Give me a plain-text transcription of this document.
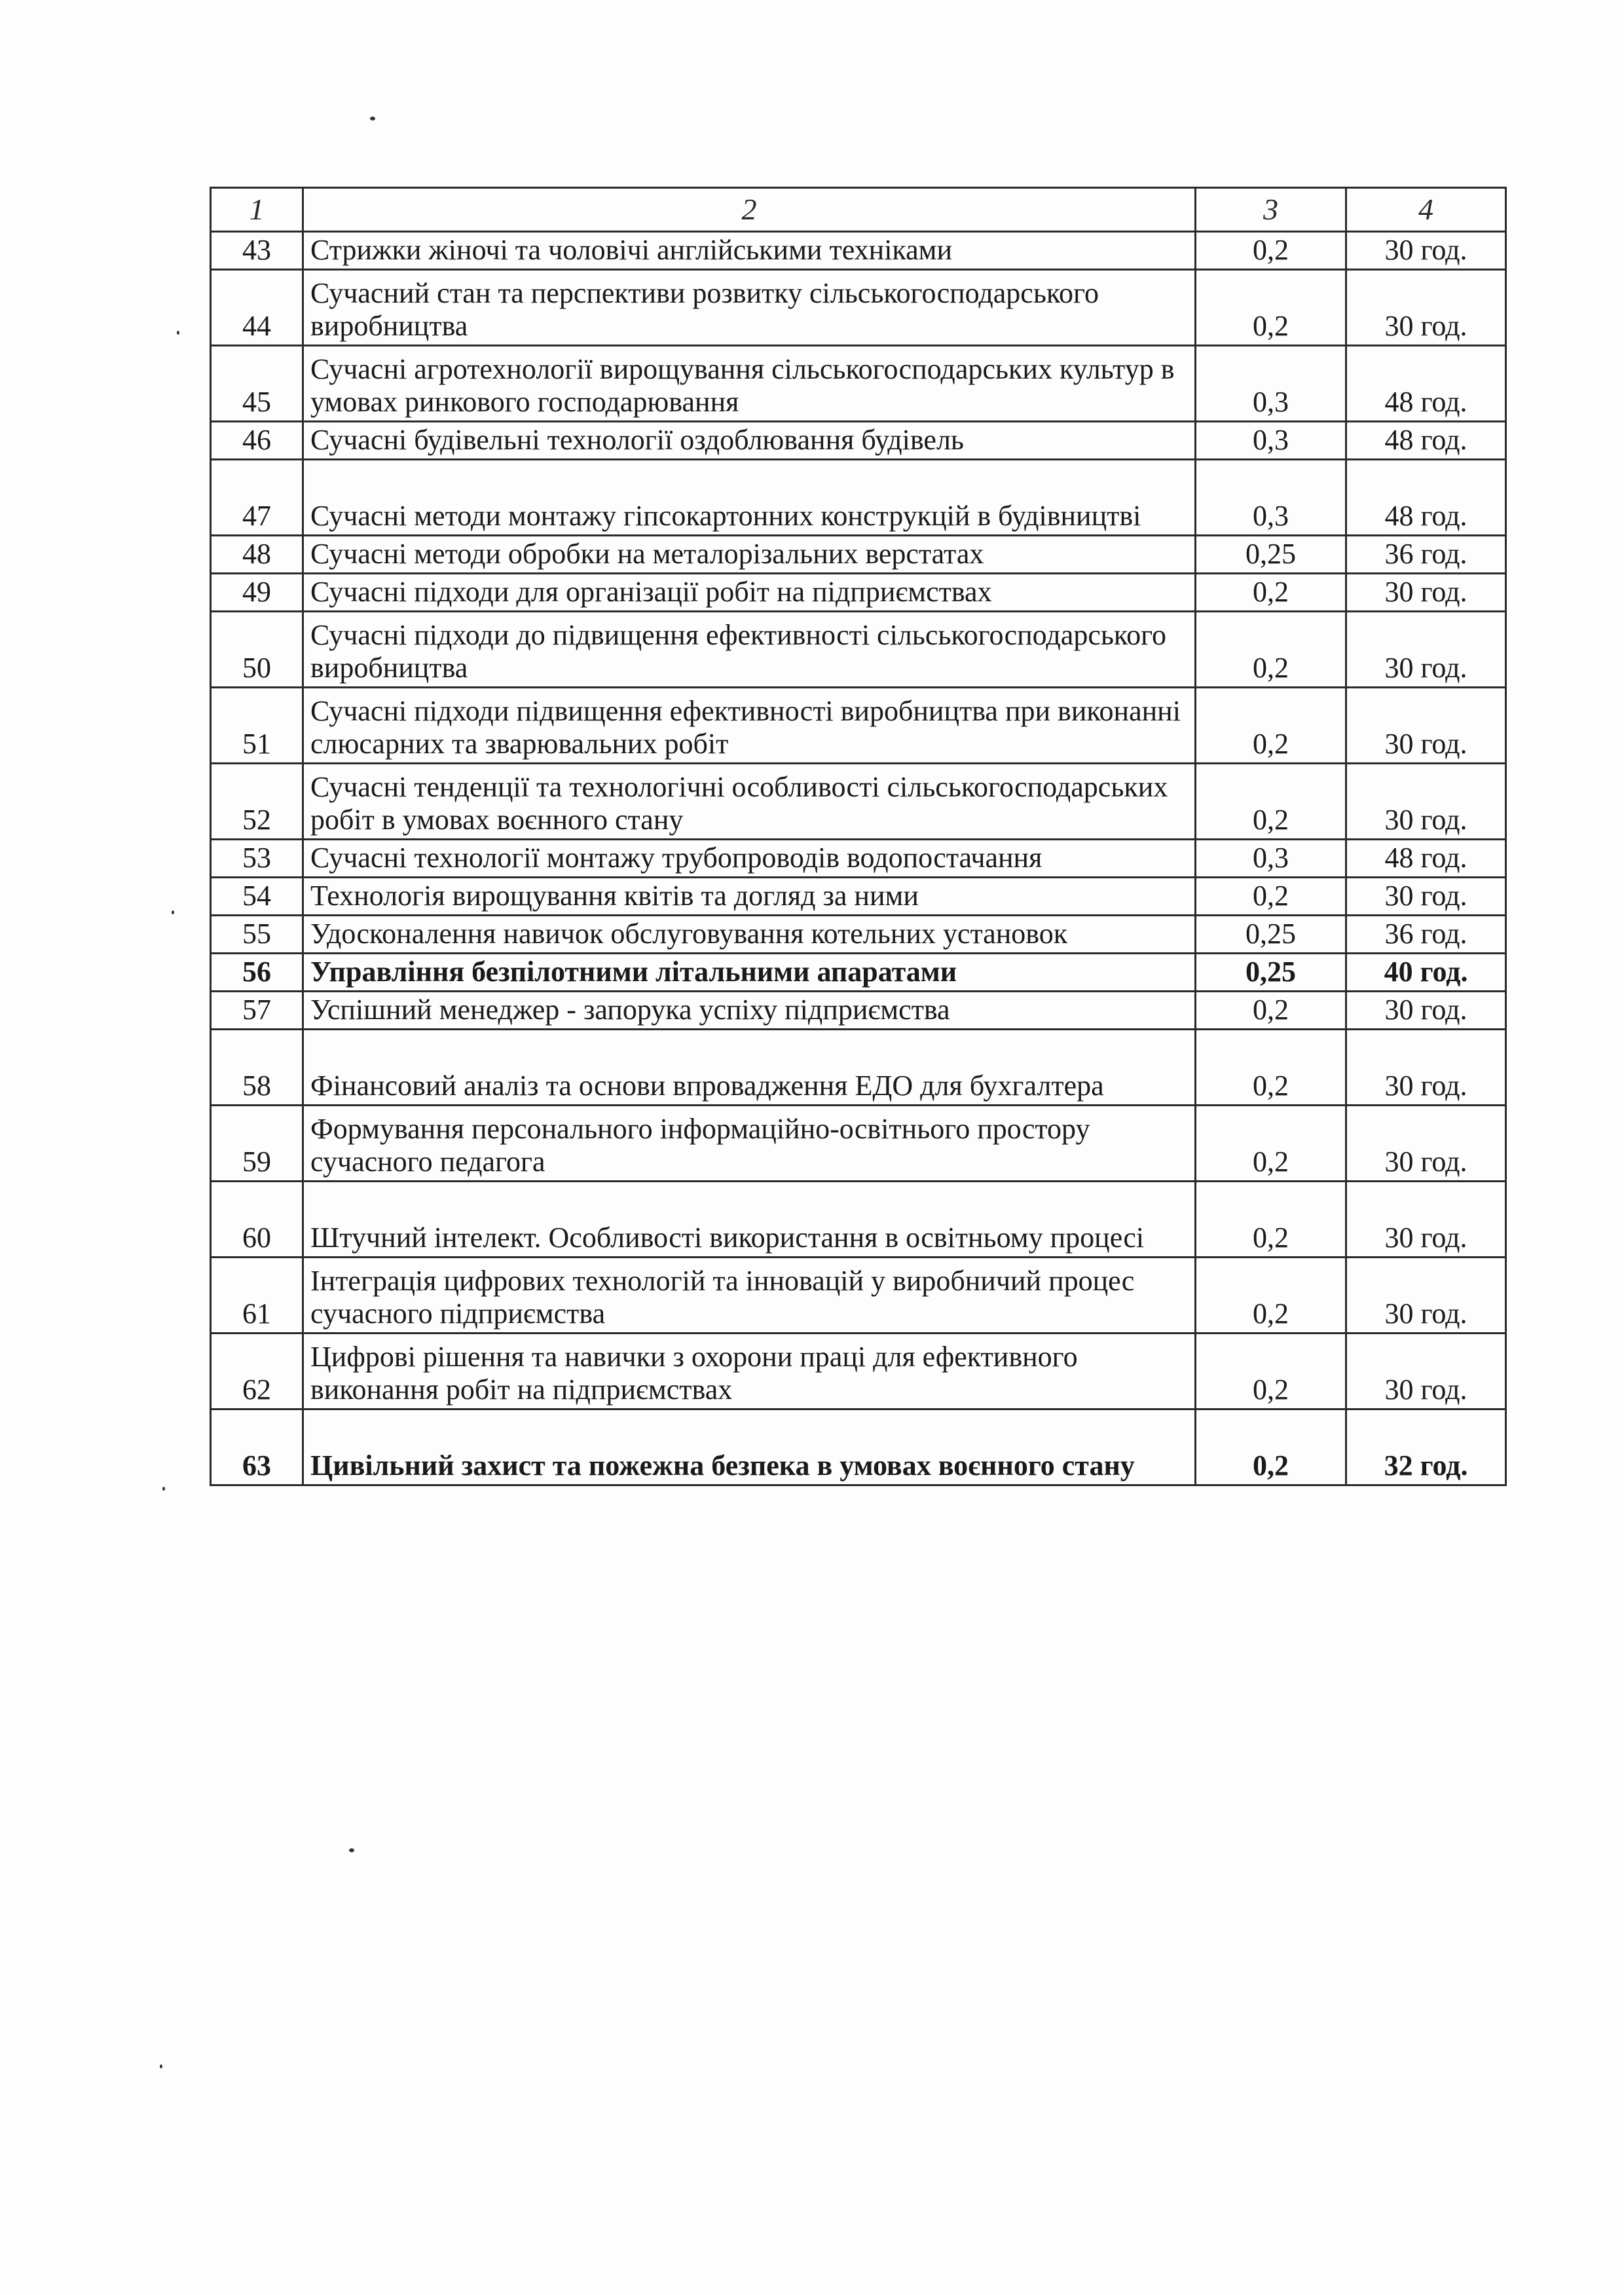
1	2	3	4
43	Стрижки жіночі та чоловічі англійськими техніками	0,2	30 год.
44	Сучасний стан та перспективи розвитку сільськогосподарського виробництва	0,2	30 год.
45	Сучасні агротехнології вирощування сільськогосподарських культур в умовах ринкового господарювання	0,3	48 год.
46	Сучасні будівельні технології оздоблювання будівель	0,3	48 год.
47	Сучасні методи монтажу гіпсокартонних конструкцій в будівництві	0,3	48 год.
48	Сучасні методи обробки на металорізальних верстатах	0,25	36 год.
49	Сучасні підходи для організації робіт на підприємствах	0,2	30 год.
50	Сучасні підходи до підвищення ефективності сільськогосподарського виробництва	0,2	30 год.
51	Сучасні підходи підвищення ефективності виробництва при виконанні слюсарних та зварювальних робіт	0,2	30 год.
52	Сучасні тенденції та технологічні особливості сільськогосподарських робіт в умовах воєнного стану	0,2	30 год.
53	Сучасні технології монтажу трубопроводів водопостачання	0,3	48 год.
54	Технологія вирощування квітів та догляд за ними	0,2	30 год.
55	Удосконалення навичок обслуговування котельних установок	0,25	36 год.
56	Управління безпілотними літальними апаратами	0,25	40 год.
57	Успішний менеджер - запорука успіху підприємства	0,2	30 год.
58	Фінансовий аналіз та основи впровадження ЕДО для бухгалтера	0,2	30 год.
59	Формування персонального інформаційно-освітнього простору сучасного педагога	0,2	30 год.
60	Штучний інтелект. Особливості використання в освітньому процесі	0,2	30 год.
61	Інтеграція цифрових технологій та інновацій у виробничий процес сучасного підприємства	0,2	30 год.
62	Цифрові рішення та навички з охорони праці для ефективного виконання робіт на підприємствах	0,2	30 год.
63	Цивільний захист та пожежна безпека в умовах воєнного стану	0,2	32 год.
